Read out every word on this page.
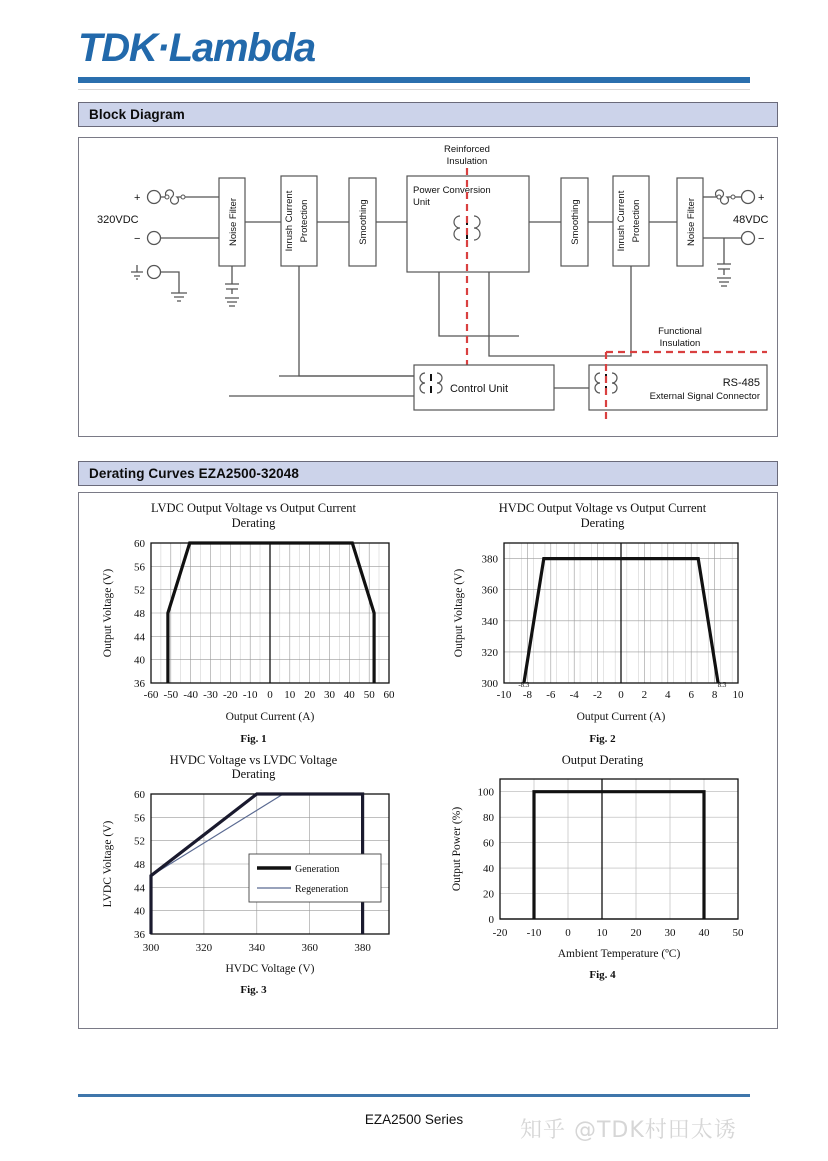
TDK·Lambda
Block Diagram
+
320VDC
−	Noise Filter	Inrush Current Protection	Smoothing
Power Conversion
Unit
Reinforced
Insulation
Smoothing	Inrush Current Protection	Noise Filter	+
48VDC
−
Control Unit	RS-485
External Signal Connector
Functional
Insulation
Derating Curves EZA2500-32048
LVDC Output Voltage vs Output Current
Derating
60
56
52
48
44
40
36
-60 -50 -40 -30 -20 -10 0 10 20 30 40 50 60
Output Current (A)
Output Voltage (V)
Fig. 1
HVDC Output Voltage vs Output Current
Derating
380
360
340
320
300
-10 -8 -6 -4 -2 0 2 4 6 8 10
-8.3	8.3
Output Current (A)
Output Voltage (V)
Fig. 2
HVDC Voltage vs LVDC Voltage
Derating
Generation
Regeneration
60
56
52
48
44
40
36
300	320	340	360	380
HVDC Voltage (V)
LVDC Voltage (V)
Fig. 3
Output Derating
100
80
60
40
20
0
-20 -10 0 10 20 30 40 50
Ambient Temperature (ºC)
Output Power (%)
Fig. 4
EZA2500 Series	知乎 @TDK村田太诱
